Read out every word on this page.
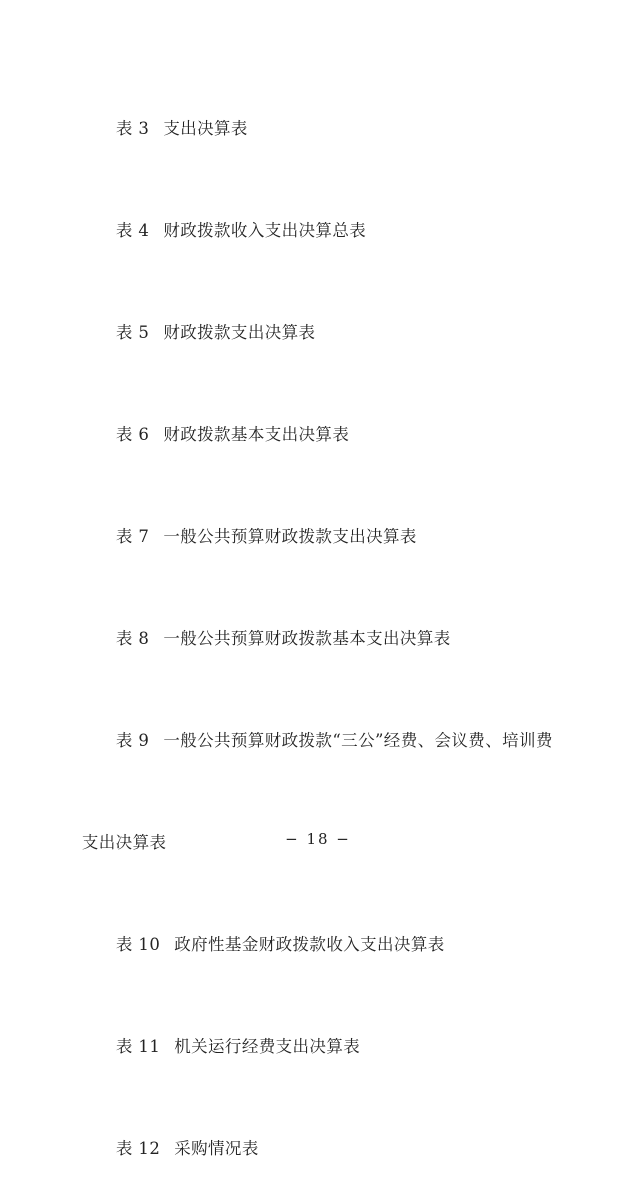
表 3 支出决算表

表 4 财政拨款收入支出决算总表

表 5 财政拨款支出决算表

表 6 财政拨款基本支出决算表

表 7 一般公共预算财政拨款支出决算表

表 8 一般公共预算财政拨款基本支出决算表

表 9 一般公共预算财政拨款“三公”经费、会议费、培训费

支出决算表

表 10 政府性基金财政拨款收入支出决算表

表 11 机关运行经费支出决算表

表 12 采购情况表

− 18 −
